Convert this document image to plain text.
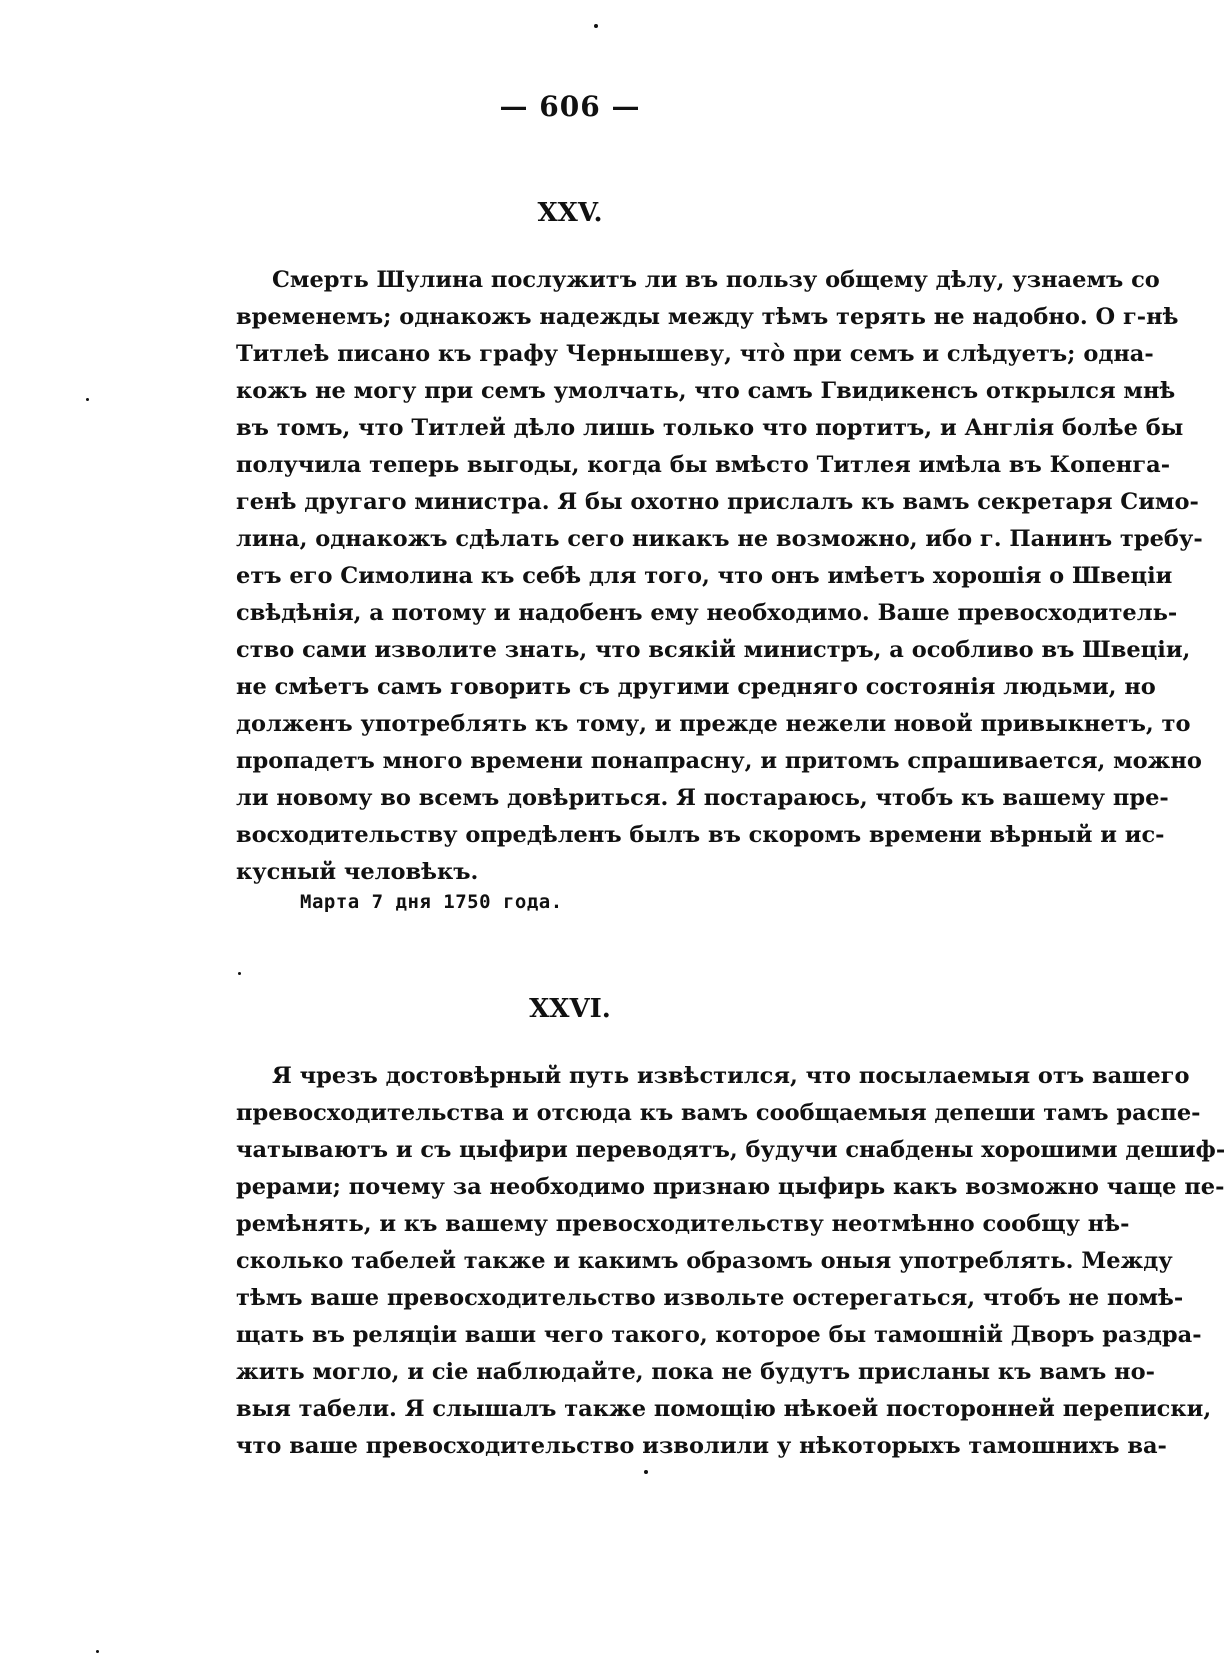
— 606 —
XXV.
Смерть Шулина послужитъ ли въ пользу общему дѣлу, узнаемъ со
временемъ; однакожъ надежды между тѣмъ терять не надобно. О г-нѣ
Титлеѣ писано къ графу Чернышеву, что̀ при семъ и слѣдуетъ; одна-
кожъ не могу при семъ умолчать, что самъ Гвидикенсъ открылся мнѣ
въ томъ, что Титлей дѣло лишь только что портитъ, и Англія болѣе бы
получила теперь выгоды, когда бы вмѣсто Титлея имѣла въ Копенга-
генѣ другаго министра. Я бы охотно прислалъ къ вамъ секретаря Симо-
лина, однакожъ сдѣлать сего никакъ не возможно, ибо г. Панинъ требу-
етъ его Симолина къ себѣ для того, что онъ имѣетъ хорошія о Швеціи
свѣдѣнія, а потому и надобенъ ему необходимо. Ваше превосходитель-
ство сами изволите знать, что всякій министръ, а особливо въ Швеціи,
не смѣетъ самъ говорить съ другими средняго состоянія людьми, но
долженъ употреблять къ тому, и прежде нежели новой привыкнетъ, то
пропадетъ много времени понапрасну, и притомъ спрашивается, можно
ли новому во всемъ довѣриться. Я постараюсь, чтобъ къ вашему пре-
восходительству опредѣленъ былъ въ скоромъ времени вѣрный и ис-
кусный человѣкъ.
Марта 7 дня 1750 года.
XXVI.
Я чрезъ достовѣрный путь извѣстился, что посылаемыя отъ вашего
превосходительства и отсюда къ вамъ сообщаемыя депеши тамъ распе-
чатываютъ и съ цыфири переводятъ, будучи снабдены хорошими дешиф-
рерами; почему за необходимо признаю цыфирь какъ возможно чаще пе-
ремѣнять, и къ вашему превосходительству неотмѣнно сообщу нѣ-
сколько табелей также и какимъ образомъ оныя употреблять. Между
тѣмъ ваше превосходительство извольте остерегаться, чтобъ не помѣ-
щать въ реляціи ваши чего такого, которое бы тамошній Дворъ раздра-
жить могло, и сіе наблюдайте, пока не будутъ присланы къ вамъ но-
выя табели. Я слышалъ также помощію нѣкоей посторонней переписки,
что ваше превосходительство изволили у нѣкоторыхъ тамошнихъ ва-
